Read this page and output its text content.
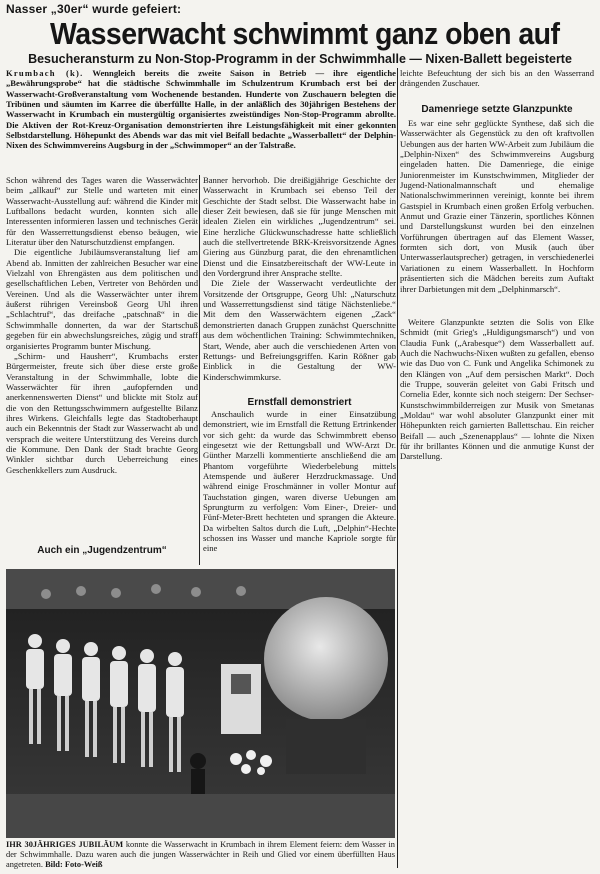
Nasser „30er“ wurde gefeiert:
Wasserwacht schwimmt ganz oben auf
Besucheransturm zu Non-Stop-Programm in der Schwimmhalle — Nixen-Ballett begeisterte
Krumbach (k). Wenngleich bereits die zweite Saison in Betrieb — ihre eigentliche „Bewährungsprobe“ hat die städtische Schwimmhalle im Schulzentrum Krumbach erst bei der Wasserwacht-Großveranstaltung vom Wochenende bestanden. Hunderte von Zuschauern belegten die Tribünen und säumten im Karree die überfüllte Halle, in der anläßlich des 30jährigen Bestehens der Wasserwacht in Krumbach ein mustergültig organisiertes zweistündiges Non-Stop-Programm abrollte. Die Aktiven der Rot-Kreuz-Organisation demonstrierten ihre Leistungsfähigkeit mit einer gekonnten Selbstdarstellung. Höhepunkt des Abends war das mit viel Beifall bedachte „Wasserballett“ der Delphin-Nixen des Schwimmvereins Augsburg in der „Schwimmoper“ an der Talstraße.

Schon während des Tages waren die Wasserwächter beim „allkauf“ zur Stelle und warteten mit einer Wasserwacht-Ausstellung auf: während die Kinder mit Luftballons bedacht wurden, konnten sich alle Interessenten informieren lassen und technisches Gerät für den Wasserrettungsdienst ebenso beäugen, wie Literatur über den Naturschutzdienst empfangen.

Die eigentliche Jubiläumsveranstaltung lief am Abend ab. Inmitten der zahlreichen Besucher war eine Vielzahl von Ehrengästen aus dem politischen und gesellschaftlichen Leben, Vertreter von Behörden und Vereinen. Und als die Wasserwächter unter ihrem äußerst rührigen Vereinsboß Georg Uhl ihren „Schlachtruf“, das dreifache „patschnaß“ in die Schwimmhalle donnerten, da war der Startschuß gegeben für ein abwechslungsreiches, zügig und straff organisiertes Programm bunter Mischung.

„Schirm- und Hausherr“, Krumbachs erster Bürgermeister, freute sich über diese erste große Veranstaltung in der Schwimmhalle, lobte die Wasserwächter für ihren „aufopfernden und anerkennenswerten Dienst“ und blickte mit Stolz auf die von den Rettungsschwimmern aufgestellte Bilanz ihres Wirkens. Gleichfalls legte das Stadtoberhaupt auch ein Bekenntnis der Stadt zur Wasserwacht ab und versprach die weitere Unterstützung des Vereins durch die Kommune. Den Dank der Stadt brachte Georg Winkler sichtbar durch Ueberreichung eines Geschenkkellers zum Ausdruck.

Auch ein „Jugendzentrum“

Banner hervorhob. Die dreißigjährige Geschichte der Wasserwacht in Krumbach sei ebenso Teil der Geschichte der Stadt selbst. Die Wasserwacht habe in dieser Zeit bewiesen, daß sie für junge Menschen mit idealen Zielen ein wirkliches „Jugendzentrum“ sei. Eine herzliche Glückwunschadresse hatte schließlich auch die stellvertretende BRK-Kreisvorsitzende Agnes Giering aus Günzburg parat, die den ehrenamtlichen Dienst und die Einsatzbereitschaft der WW-Leute in den Vordergrund ihrer Ansprache stellte.

Die Ziele der Wasserwacht verdeutlichte der Vorsitzende der Ortsgruppe, Georg Uhl: „Naturschutz und Wasserrettungsdienst sind tätige Nächstenliebe.“ Mit dem den Wasserwächtern eigenen „Zack“ demonstrierten danach Gruppen zunächst Querschnitte aus dem wöchentlichen Training: Schwimmtechniken, Start, Wende, aber auch die verschiedenen Arten von Rettungs- und Befreiungsgriffen. Karin Rößner gab Einblick in die Gestaltung der WW-Kinderschwimmkurse.

Ernstfall demonstriert

Anschaulich wurde in einer Einsatzübung demonstriert, wie im Ernstfall die Rettung Ertrinkender vor sich geht: da wurde das Schwimmbrett ebenso eingesetzt wie der Rettungsball und WW-Arzt Dr. Günther Marzelli kommentierte anschließend die am Phantom vorgeführte Wiederbelebung mittels Atemspende und äußerer Herzdruckmassage. Und während einige Froschmänner in voller Montur auf Tauchstation gingen, waren diverse Uebungen am Sprungturm zu verfolgen: Vom Einer-, Dreier- und Fünf-Meter-Brett hechteten und sprangen die Akteure. Da wirbelten Saltos durch die Luft, „Delphin“-Hechte schossen ins Wasser und manche Kapriole sorgte für eine

leichte Befeuchtung der sich bis an den Wasserrand drängenden Zuschauer.

Damenriege setzte Glanzpunkte

Es war eine sehr geglückte Synthese, daß sich die Wasserwächter als Gegenstück zu den oft kraftvollen Uebungen aus der harten WW-Arbeit zum Jubiläum die „Delphin-Nixen“ des Schwimmvereins Augsburg eingeladen hatten. Die Damenriege, die einige Juniorenmeister im Kunstschwimmen, Mitglieder der Jugend-Nationalmannschaft und ehemalige Nationalschwimmerinnen vereinigt, konnte bei ihrem Gastspiel in Krumbach einen großen Erfolg verbuchen. Anmut und Grazie einer Tänzerin, sportliches Können und Darstellungskunst wurden bei den einzelnen Vorführungen übertragen auf das Element Wasser, formten sich dort, von Musik (auch über Unterwasserlautsprecher) getragen, in verschiedenerlei Variationen zu einem Wasserballett. In Hochform präsentierten sich die Mädchen bereits zum Auftakt ihrer Darbietungen mit dem „Delphinmarsch“.

Weitere Glanzpunkte setzten die Solis von Elke Schmidt (mit Grieg's „Huldigungsmarsch“) und von Claudia Funk („Arabesque“) dem Wasserballett auf. Auch die Nachwuchs-Nixen wußten zu gefallen, ebenso wie das Duo von C. Funk und Angelika Schimonek zu den Klängen von „Auf dem persischen Markt“. Doch die Truppe, souverän geleitet von Gabi Fritsch und Cornelia Eder, konnte sich noch steigern: Der Sechser-Kunstschwimmbilderreigen zur Musik von Smetanas „Moldau“ war wohl absoluter Glanzpunkt einer mit Höhepunkten reich garnierten Ballettschau. Ein reicher Beifall — auch „Szenenapplaus“ — lohnte die Nixen für ihr brillantes Können und die anmutige Kunst der Darstellung.

IHR 30JÄHRIGES JUBILÄUM konnte die Wasserwacht in Krumbach in ihrem Element feiern: dem Wasser in der Schwimmhalle. Dazu waren auch die jungen Wasserwächter in Reih und Glied vor einem überfüllten Haus angetreten. Bild: Foto-Weiß
